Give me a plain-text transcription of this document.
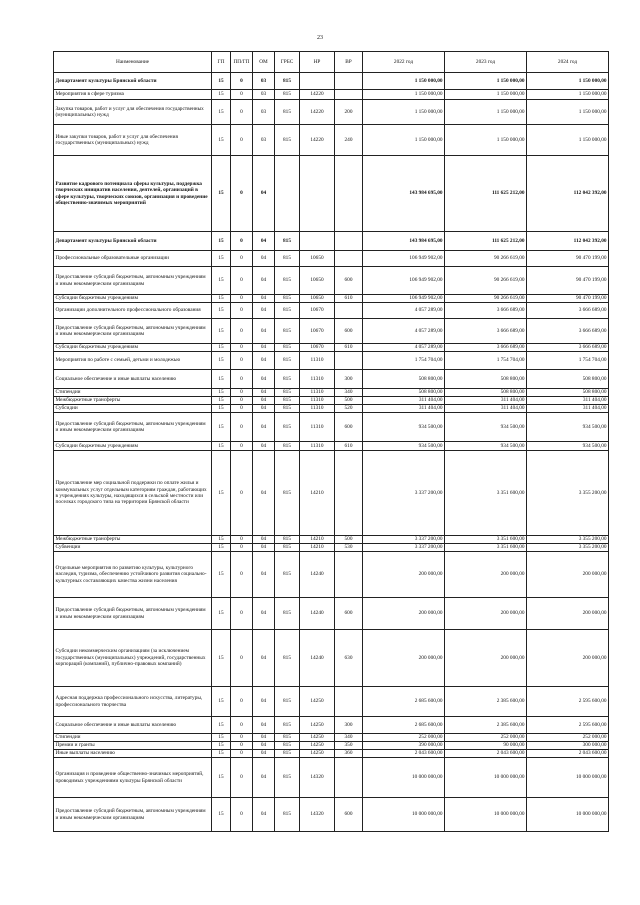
23
Наименование	ГП	ПП/ГП	ОМ	ГРБС	НР	ВР	2022 год	2023 год	2024 год
Департамент культуры Брянской области	15	0	03	815			1 150 000,00	1 150 000,00	1 150 000,00
Мероприятия в сфере туризма	15	0	03	815	14220		1 150 000,00	1 150 000,00	1 150 000,00
Закупка товаров, работ и услуг для обеспечения государственных (муниципальных) нужд	15	0	03	815	14220	200	1 150 000,00	1 150 000,00	1 150 000,00
Иные закупки товаров, работ и услуг для обеспечения государственных (муниципальных) нужд	15	0	03	815	14220	240	1 150 000,00	1 150 000,00	1 150 000,00
Развитие кадрового потенциала сферы культуры, поддержка творческих инициатив населения, деятелей, организаций в сфере культуры, творческих союзов, организация и проведение общественно-значимых мероприятий	15	0	04				143 984 695,00	111 625 212,00	112 042 392,00
Департамент культуры Брянской области	15	0	04	815			143 984 695,00	111 625 212,00	112 042 392,00
Профессиональные образовательные организации	15	0	04	815	10650		106 949 902,00	90 266 619,00	90 470 199,00
Предоставление субсидий бюджетным, автономным учреждениям и иным некоммерческим организациям	15	0	04	815	10650	600	106 949 902,00	90 266 619,00	90 470 199,00
Субсидии бюджетным учреждениям	15	0	04	815	10650	610	106 949 902,00	90 266 619,00	90 470 199,00
Организации дополнительного профессионального образования	15	0	04	815	10670		4 057 289,00	3 666 689,00	3 666 689,00
Предоставление субсидий бюджетным, автономным учреждениям и иным некоммерческим организациям	15	0	04	815	10670	600	4 057 289,00	3 666 689,00	3 666 689,00
Субсидии бюджетным учреждениям	15	0	04	815	10670	610	4 057 289,00	3 666 689,00	3 666 689,00
Мероприятия по работе с семьей, детьми и молодежью	15	0	04	815	11310		1 754 704,00	1 754 704,00	1 754 704,00
Социальное обеспечение и иные выплаты населению	15	0	04	815	11310	300	508 800,00	508 800,00	508 800,00
Стипендии	15	0	04	815	11310	340	508 800,00	508 800,00	508 800,00
Межбюджетные трансферты	15	0	04	815	11310	500	311 404,00	311 404,00	311 404,00
Субсидии	15	0	04	815	11310	520	311 404,00	311 404,00	311 404,00
Предоставление субсидий бюджетным, автономным учреждениям и иным некоммерческим организациям	15	0	04	815	11310	600	934 500,00	934 500,00	934 500,00
Субсидии бюджетным учреждениям	15	0	04	815	11310	610	934 500,00	934 500,00	934 500,00
Предоставление мер социальной поддержки по оплате жилья и коммунальных услуг отдельным категориям граждан, работающих в учреждениях культуры, находящихся в сельской местности или поселках городского типа на территории Брянской области	15	0	04	815	14210		3 337 200,00	3 351 600,00	3 355 200,00
Межбюджетные трансферты	15	0	04	815	14210	500	3 337 200,00	3 351 600,00	3 355 200,00
Субвенции	15	0	04	815	14210	530	3 337 200,00	3 351 600,00	3 355 200,00
Отдельные мероприятия по развитию культуры, культурного наследия, туризма, обеспечению устойчивого развития социально-культурных составляющих качества жизни населения	15	0	04	815	14240		200 000,00	200 000,00	200 000,00
Предоставление субсидий бюджетным, автономным учреждениям и иным некоммерческим организациям	15	0	04	815	14240	600	200 000,00	200 000,00	200 000,00
Субсидии некоммерческим организациям (за исключением государственных (муниципальных) учреждений, государственных корпораций (компаний), публично-правовых компаний)	15	0	04	815	14240	630	200 000,00	200 000,00	200 000,00
Адресная поддержка профессионального искусства, литературы, профессионального творчества	15	0	04	815	14250		2 685 600,00	2 385 600,00	2 595 600,00
Социальное обеспечение и иные выплаты населению	15	0	04	815	14250	300	2 685 600,00	2 385 600,00	2 595 600,00
Стипендии	15	0	04	815	14250	340	252 000,00	252 000,00	252 000,00
Премии и гранты	15	0	04	815	14250	350	390 000,00	90 000,00	300 000,00
Иные выплаты населению	15	0	04	815	14250	360	2 043 600,00	2 043 600,00	2 043 600,00
Организация и проведение общественно-значимых мероприятий, проводимых учреждениями культуры Брянской области	15	0	04	815	14320		10 000 000,00	10 000 000,00	10 000 000,00
Предоставление субсидий бюджетным, автономным учреждениям и иным некоммерческим организациям	15	0	04	815	14320	600	10 000 000,00	10 000 000,00	10 000 000,00
